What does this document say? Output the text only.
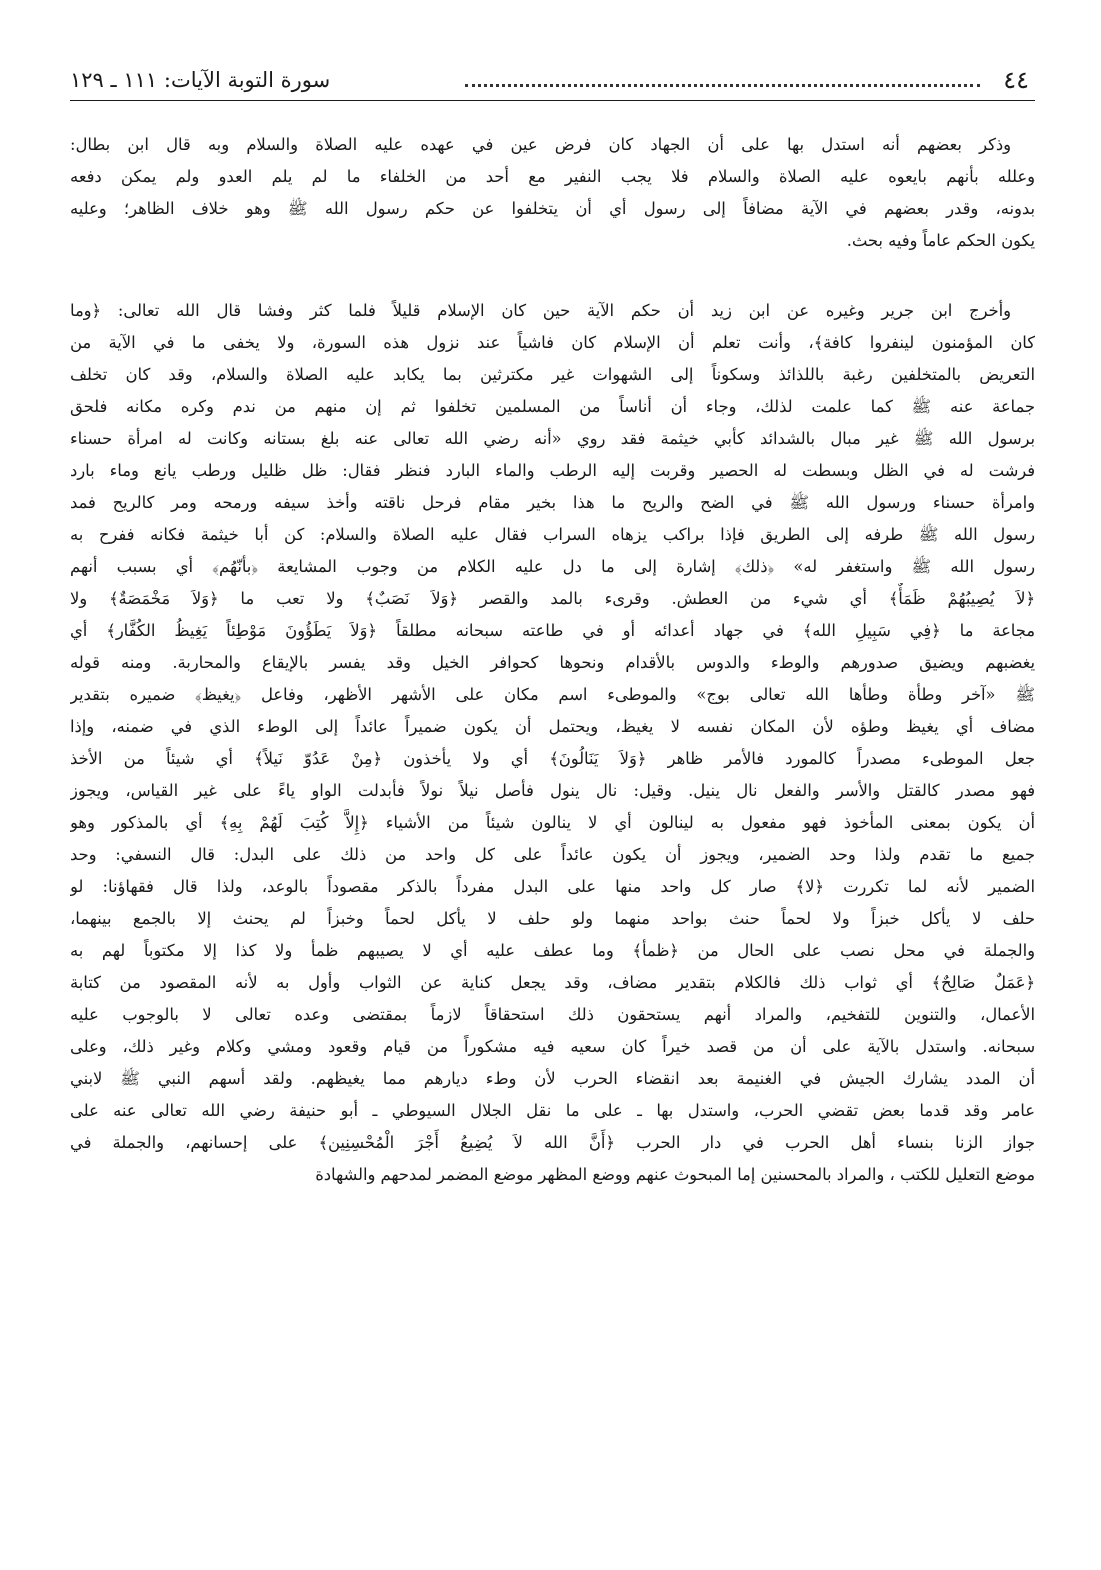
٤٤
سورة التوبة الآيات: ١١١ ـ ١٢٩
وذكر بعضهم أنه استدل بها على أن الجهاد كان فرض عين في عهده عليه الصلاة والسلام وبه قال ابن بطال:
وعلله بأنهم بايعوه عليه الصلاة والسلام فلا يجب النفير مع أحد من الخلفاء ما لم يلم العدو ولم يمكن دفعه
بدونه، وقدر بعضهم في الآية مضافاً إلى رسول أي أن يتخلفوا عن حكم رسول الله ﷺ وهو خلاف الظاهر؛ وعليه
يكون الحكم عاماً وفيه بحث.
وأخرج ابن جرير وغيره عن ابن زيد أن حكم الآية حين كان الإسلام قليلاً فلما كثر وفشا قال الله تعالى: ﴿وما
كان المؤمنون لينفروا كافة﴾، وأنت تعلم أن الإسلام كان فاشياً عند نزول هذه السورة، ولا يخفى ما في الآية من
التعريض بالمتخلفين رغبة باللذائذ وسكوناً إلى الشهوات غير مكترثين بما يكابد عليه الصلاة والسلام، وقد كان تخلف
جماعة عنه ﷺ كما علمت لذلك، وجاء أن أناساً من المسلمين تخلفوا ثم إن منهم من ندم وكره مكانه فلحق
برسول الله ﷺ غير مبال بالشدائد كأبي خيثمة فقد روي «أنه رضي الله تعالى عنه بلغ بستانه وكانت له امرأة حسناء
فرشت له في الظل وبسطت له الحصير وقربت إليه الرطب والماء البارد فنظر فقال: ظل ظليل ورطب يانع وماء بارد
وامرأة حسناء ورسول الله ﷺ في الضح والريح ما هذا بخير مقام فرحل ناقته وأخذ سيفه ورمحه ومر كالريح فمد
رسول الله ﷺ طرفه إلى الطريق فإذا براكب يزهاه السراب فقال عليه الصلاة والسلام: كن أبا خيثمة فكانه ففرح به
رسول الله ﷺ واستغفر له» ﴿ذلك﴾ إشارة إلى ما دل عليه الكلام من وجوب المشايعة ﴿بأنّهُم﴾ أي بسبب أنهم
﴿لاَ يُصِيبُهُمْ ظَمَأٌ﴾ أي شيء من العطش. وقرىء بالمد والقصر ﴿وَلاَ نَصَبٌ﴾ ولا تعب ما ﴿وَلاَ مَخْمَصَةٌ﴾ ولا
مجاعة ما ﴿فِي سَبِيلِ الله﴾ في جهاد أعدائه أو في طاعته سبحانه مطلقاً ﴿وَلاَ يَطَؤُونَ مَوْطِئاً يَغِيظُ الكُفَّار﴾ أي
يغضبهم ويضيق صدورهم والوطء والدوس بالأقدام ونحوها كحوافر الخيل وقد يفسر بالإيقاع والمحاربة. ومنه قوله
ﷺ «آخر وطأة وطأها الله تعالى بوج» والموطىء اسم مكان على الأشهر الأظهر، وفاعل ﴿يغيظ﴾ ضميره بتقدير
مضاف أي يغيظ وطؤه لأن المكان نفسه لا يغيظ، ويحتمل أن يكون ضميراً عائداً إلى الوطء الذي في ضمنه، وإذا
جعل الموطىء مصدراً كالمورد فالأمر ظاهر ﴿وَلاَ يَنَالُونَ﴾ أي ولا يأخذون ﴿مِنْ عَدُوّ نَيلاً﴾ أي شيئاً من الأخذ
فهو مصدر كالقتل والأسر والفعل نال ينيل. وقيل: نال ينول فأصل نيلاً نولاً فأبدلت الواو ياءً على غير القياس، ويجوز
أن يكون بمعنى المأخوذ فهو مفعول به لينالون أي لا ينالون شيئاً من الأشياء ﴿إِلاَّ كُتِبَ لَهُمْ بِهِ﴾ أي بالمذكور وهو
جميع ما تقدم ولذا وحد الضمير، ويجوز أن يكون عائداً على كل واحد من ذلك على البدل: قال النسفي: وحد
الضمير لأنه لما تكررت ﴿لا﴾ صار كل واحد منها على البدل مفرداً بالذكر مقصوداً بالوعد، ولذا قال فقهاؤنا: لو
حلف لا يأكل خبزاً ولا لحماً حنث بواحد منهما ولو حلف لا يأكل لحماً وخبزاً لم يحنث إلا بالجمع بينهما،
والجملة في محل نصب على الحال من ﴿ظمأ﴾ وما عطف عليه أي لا يصيبهم ظمأ ولا كذا إلا مكتوباً لهم به
﴿عَمَلٌ صَالِحٌ﴾ أي ثواب ذلك فالكلام بتقدير مضاف، وقد يجعل كناية عن الثواب وأول به لأنه المقصود من كتابة
الأعمال، والتنوين للتفخيم، والمراد أنهم يستحقون ذلك استحقاقاً لازماً بمقتضى وعده تعالى لا بالوجوب عليه
سبحانه. واستدل بالآية على أن من قصد خيراً كان سعيه فيه مشكوراً من قيام وقعود ومشي وكلام وغير ذلك، وعلى
أن المدد يشارك الجيش في الغنيمة بعد انقضاء الحرب لأن وطء ديارهم مما يغيظهم. ولقد أسهم النبي ﷺ لابني
عامر وقد قدما بعض تقضي الحرب، واستدل بها ـ على ما نقل الجلال السيوطي ـ أبو حنيفة رضي الله تعالى عنه على
جواز الزنا بنساء أهل الحرب في دار الحرب ﴿أَنَّ الله لاَ يُضِيعُ أَجْرَ الْمُحْسِنِين﴾ على إحسانهم، والجملة في
موضع التعليل للكتب ، والمراد بالمحسنين إما المبحوث عنهم ووضع المظهر موضع المضمر لمدحهم والشهادة
